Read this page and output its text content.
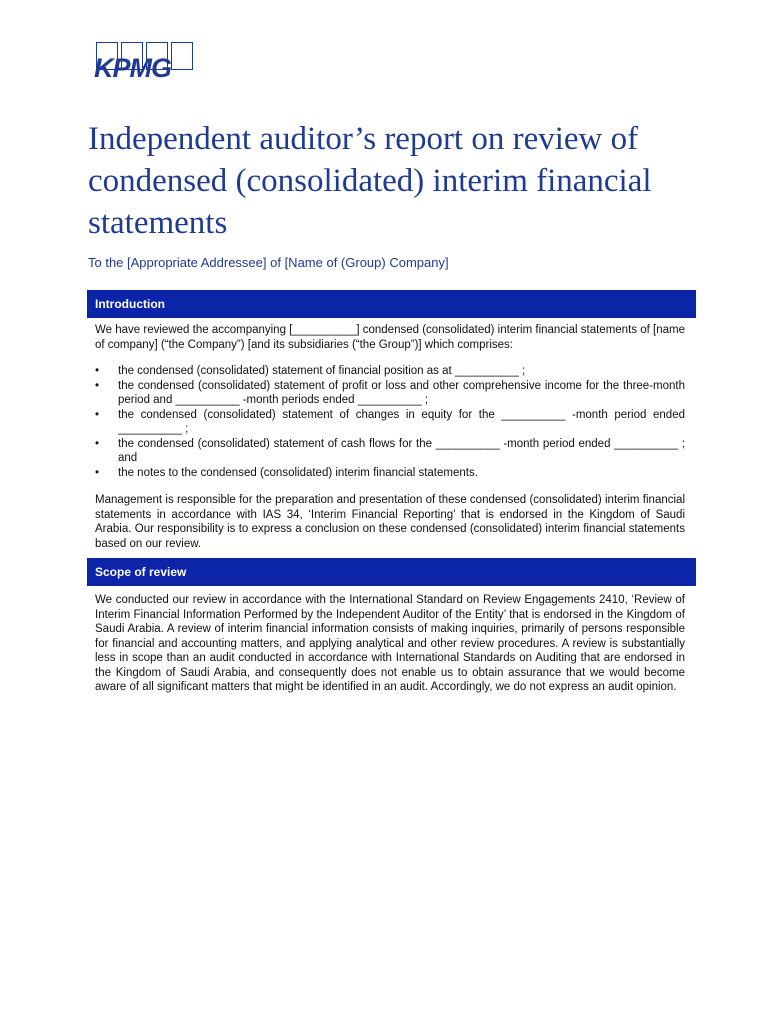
KPMG
Independent auditor’s report on review of condensed (consolidated) interim financial statements
To the [Appropriate Addressee] of [Name of (Group) Company]
Introduction

We have reviewed the accompanying [__________] condensed (consolidated) interim financial statements of [name of company] (“the Company”) [and its subsidiaries (“the Group”)] which comprises:

• the condensed (consolidated) statement of financial position as at __________ ;
• the condensed (consolidated) statement of profit or loss and other comprehensive income for the three-month period and __________ -month periods ended __________ ;
• the condensed (consolidated) statement of changes in equity for the __________ -month period ended __________ ;
• the condensed (consolidated) statement of cash flows for the __________ -month period ended __________ ; and
• the notes to the condensed (consolidated) interim financial statements.

Management is responsible for the preparation and presentation of these condensed (consolidated) interim financial statements in accordance with IAS 34, ‘Interim Financial Reporting’ that is endorsed in the Kingdom of Saudi Arabia. Our responsibility is to express a conclusion on these condensed (consolidated) interim financial statements based on our review.

Scope of review

We conducted our review in accordance with the International Standard on Review Engagements 2410, ‘Review of Interim Financial Information Performed by the Independent Auditor of the Entity’ that is endorsed in the Kingdom of Saudi Arabia. A review of interim financial information consists of making inquiries, primarily of persons responsible for financial and accounting matters, and applying analytical and other review procedures. A review is substantially less in scope than an audit conducted in accordance with International Standards on Auditing that are endorsed in the Kingdom of Saudi Arabia, and consequently does not enable us to obtain assurance that we would become aware of all significant matters that might be identified in an audit. Accordingly, we do not express an audit opinion.
